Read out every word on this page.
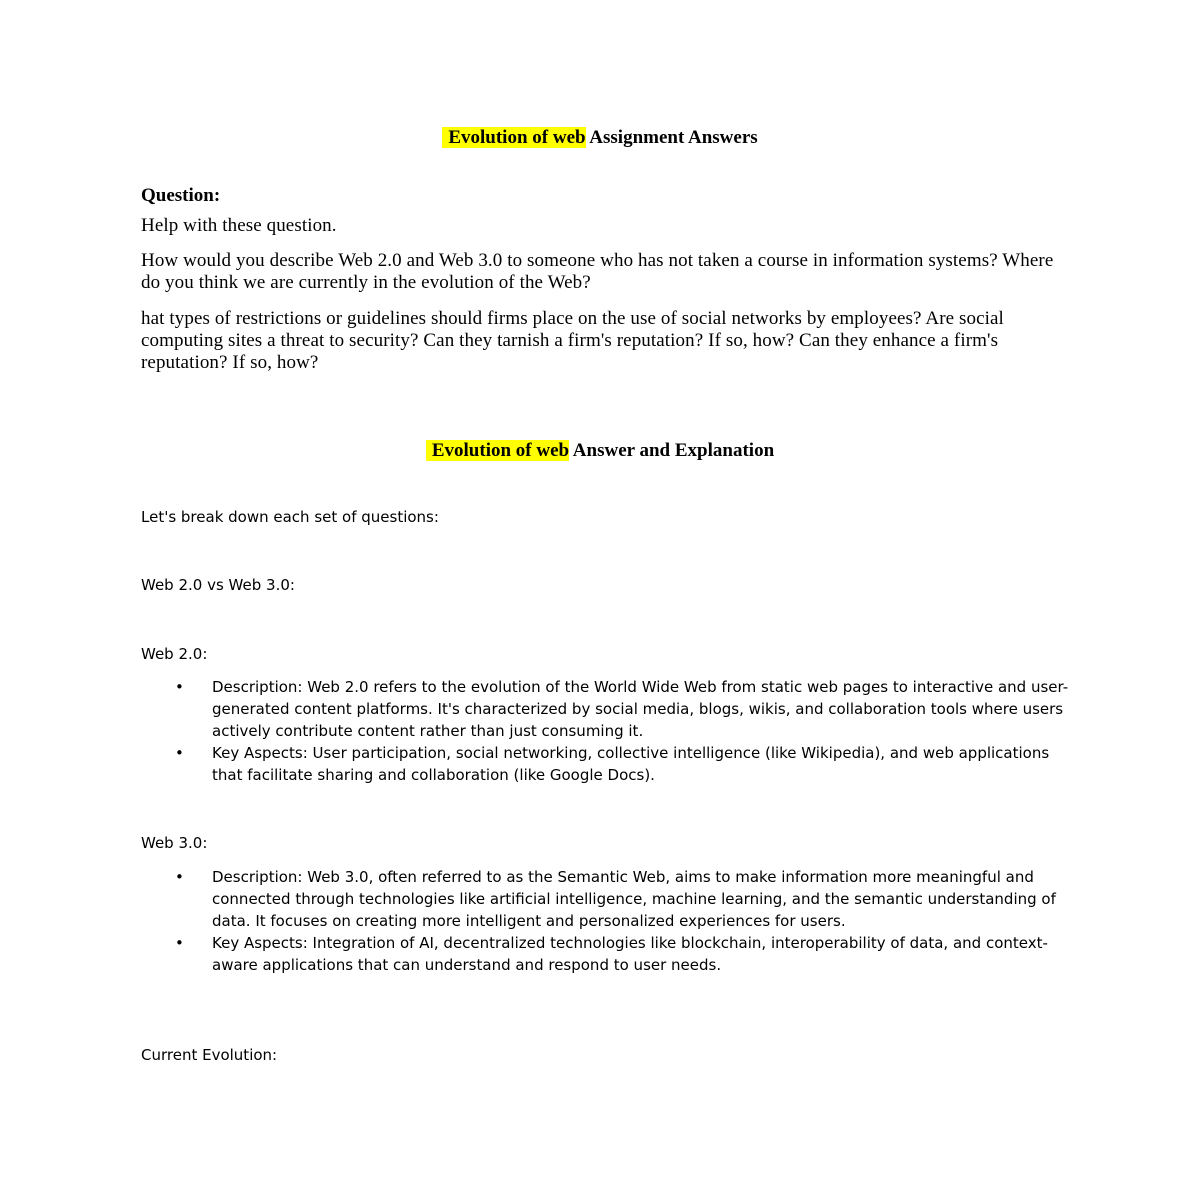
Evolution of web Assignment Answers
Question:
Help with these question.
How would you describe Web 2.0 and Web 3.0 to someone who has not taken a course in information systems? Where do you think we are currently in the evolution of the Web?
hat types of restrictions or guidelines should firms place on the use of social networks by employees? Are social computing sites a threat to security? Can they tarnish a firm's reputation? If so, how? Can they enhance a firm's reputation? If so, how?
Evolution of web Answer and Explanation
Let's break down each set of questions:
Web 2.0 vs Web 3.0:
Web 2.0:
• Description: Web 2.0 refers to the evolution of the World Wide Web from static web pages to interactive and user-generated content platforms. It's characterized by social media, blogs, wikis, and collaboration tools where users actively contribute content rather than just consuming it.
• Key Aspects: User participation, social networking, collective intelligence (like Wikipedia), and web applications that facilitate sharing and collaboration (like Google Docs).
Web 3.0:
• Description: Web 3.0, often referred to as the Semantic Web, aims to make information more meaningful and connected through technologies like artificial intelligence, machine learning, and the semantic understanding of data. It focuses on creating more intelligent and personalized experiences for users.
• Key Aspects: Integration of AI, decentralized technologies like blockchain, interoperability of data, and context-aware applications that can understand and respond to user needs.
Current Evolution:
